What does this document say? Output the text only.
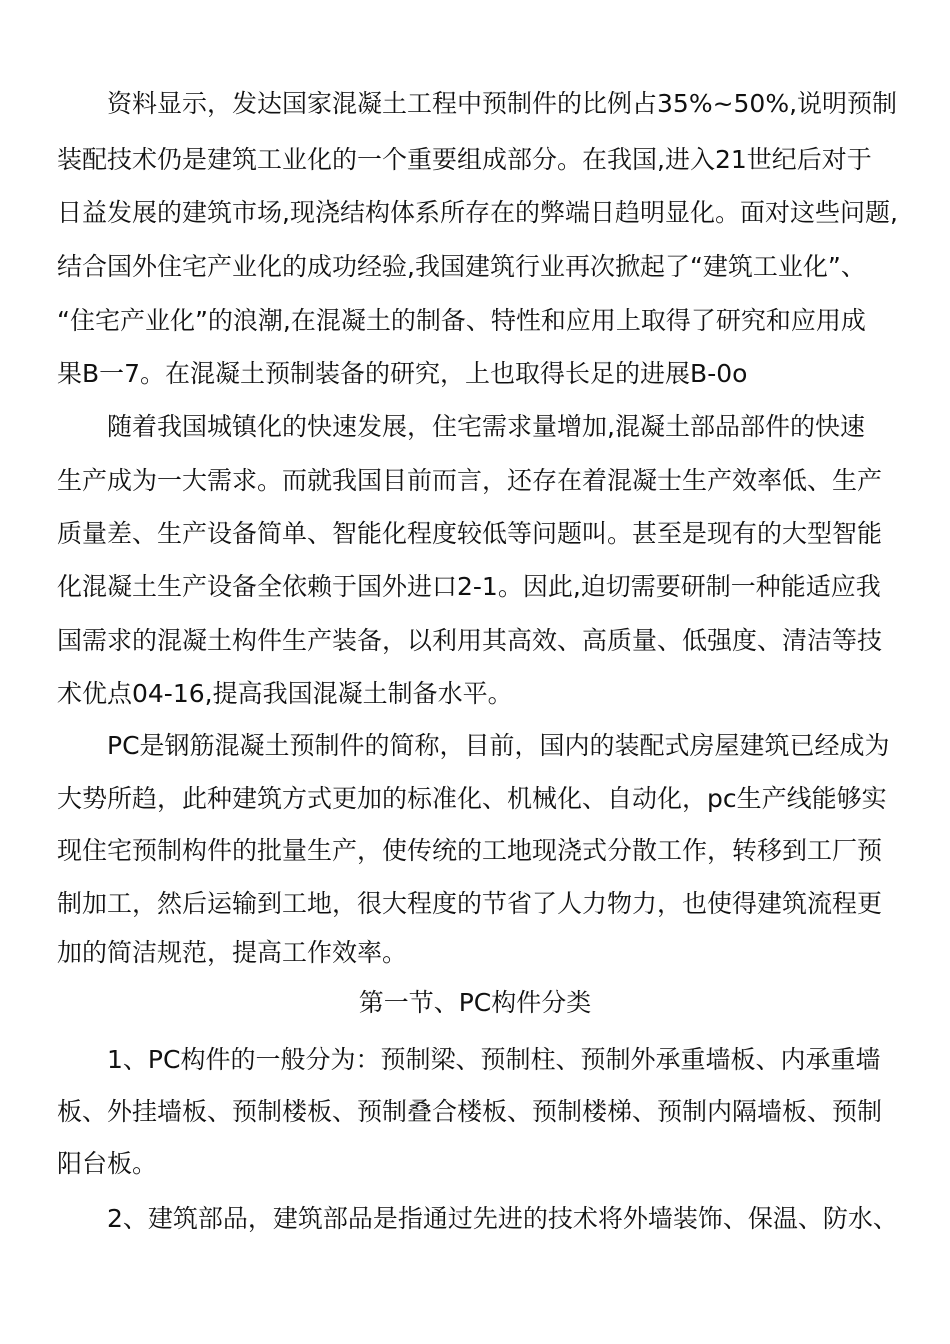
资料显示，发达国家混凝土工程中预制件的比例占35%~50%,说明预制
装配技术仍是建筑工业化的一个重要组成部分。在我国,进入21世纪后对于
日益发展的建筑市场,现浇结构体系所存在的弊端日趋明显化。面对这些问题,
结合国外住宅产业化的成功经验,我国建筑行业再次掀起了“建筑工业化”、
“住宅产业化”的浪潮,在混凝土的制备、特性和应用上取得了研究和应用成
果B一7。在混凝土预制装备的研究，上也取得长足的进展B-0o
随着我国城镇化的快速发展，住宅需求量增加,混凝土部品部件的快速
生产成为一大需求。而就我国目前而言，还存在着混凝士生产效率低、生产
质量差、生产设备简单、智能化程度较低等问题叫。甚至是现有的大型智能
化混凝土生产设备全依赖于国外进口2-1。因此,迫切需要研制一种能适应我
国需求的混凝土构件生产装备，以利用其高效、高质量、低强度、清洁等技
术优点04-16,提高我国混凝土制备水平。
PC是钢筋混凝土预制件的简称，目前，国内的装配式房屋建筑已经成为
大势所趋，此种建筑方式更加的标准化、机械化、自动化，pc生产线能够实
现住宅预制构件的批量生产，使传统的工地现浇式分散工作，转移到工厂预
制加工，然后运输到工地，很大程度的节省了人力物力，也使得建筑流程更
加的简洁规范，提高工作效率。
第一节、PC构件分类
1、PC构件的一般分为：预制梁、预制柱、预制外承重墙板、内承重墙
板、外挂墙板、预制楼板、预制叠合楼板、预制楼梯、预制内隔墙板、预制
阳台板。
2、建筑部品，建筑部品是指通过先进的技术将外墙装饰、保温、防水、
